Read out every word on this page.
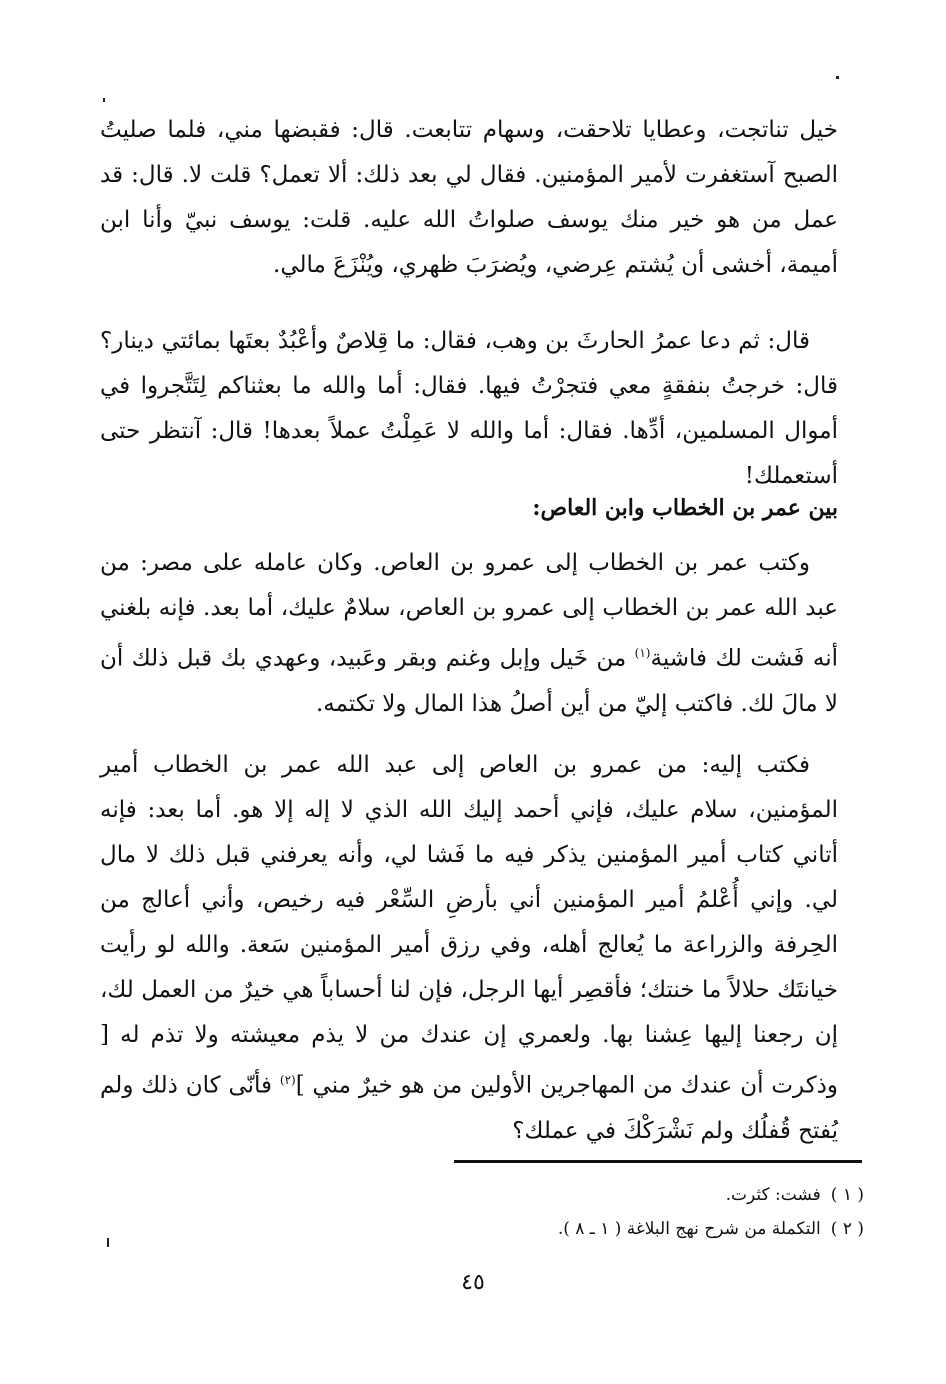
خيل تناتجت، وعطايا تلاحقت، وسهام تتابعت. قال: فقبضها مني، فلما صليتُ الصبح آستغفرت لأمير المؤمنين. فقال لي بعد ذلك: ألا تعمل؟ قلت لا. قال: قد عمل من هو خير منك يوسف صلواتُ الله عليه. قلت: يوسف نبيّ وأنا ابن أميمة، أخشى أن يُشتم عِرضي، ويُضرَبَ ظهري، ويُنْزَعَ مالي.

قال: ثم دعا عمرُ الحارثَ بن وهب، فقال: ما قِلاصٌ وأعْبُدٌ بعتَها بمائتي دينار؟ قال: خرجتُ بنفقةٍ معي فتجرْتُ فيها. فقال: أما والله ما بعثناكم لِتَتَّجروا في أموال المسلمين، أدِّها. فقال: أما والله لا عَمِلْتُ عملاً بعدها! قال: آنتظر حتى أستعملك!

بين عمر بن الخطاب وابن العاص:

وكتب عمر بن الخطاب إلى عمرو بن العاص. وكان عامله على مصر: من عبد الله عمر بن الخطاب إلى عمرو بن العاص، سلامٌ عليك، أما بعد. فإنه بلغني أنه فَشت لك فاشية$^{(١)}$ من خَيل وإبل وغنم وبقر وعَبيد، وعهدي بك قبل ذلك أن لا مالَ لك. فاكتب إليّ من أين أصلُ هذا المال ولا تكتمه.

فكتب إليه: من عمرو بن العاص إلى عبد الله عمر بن الخطاب أمير المؤمنين، سلام عليك، فإني أحمد إليك الله الذي لا إله إلا هو. أما بعد: فإنه أتاني كتاب أمير المؤمنين يذكر فيه ما فَشا لي، وأنه يعرفني قبل ذلك لا مال لي. وإني أُعْلمُ أمير المؤمنين أني بأرضِ السِّعْر فيه رخيص، وأني أعالج من الحِرفة والزراعة ما يُعالج أهله، وفي رزق أمير المؤمنين سَعة. والله لو رأيت خيانتَك حلالاً ما خنتك؛ فأقصِر أيها الرجل، فإن لنا أحساباً هي خيرٌ من العمل لك، إن رجعنا إليها عِشنا بها. ولعمري إن عندك من لا يذم معيشته ولا تذم له [ وذكرت أن عندك من المهاجرين الأولين من هو خيرٌ مني ]$^{(٢)}$ فأنّى كان ذلك ولم يُفتح قُفلُك ولم نَشْرَكْكَ في عملك؟

( ١ )فشت: كثرت.
( ٢ )التكملة من شرح نهج البلاغة ( ١ ـ ٨ ).
٤٥
